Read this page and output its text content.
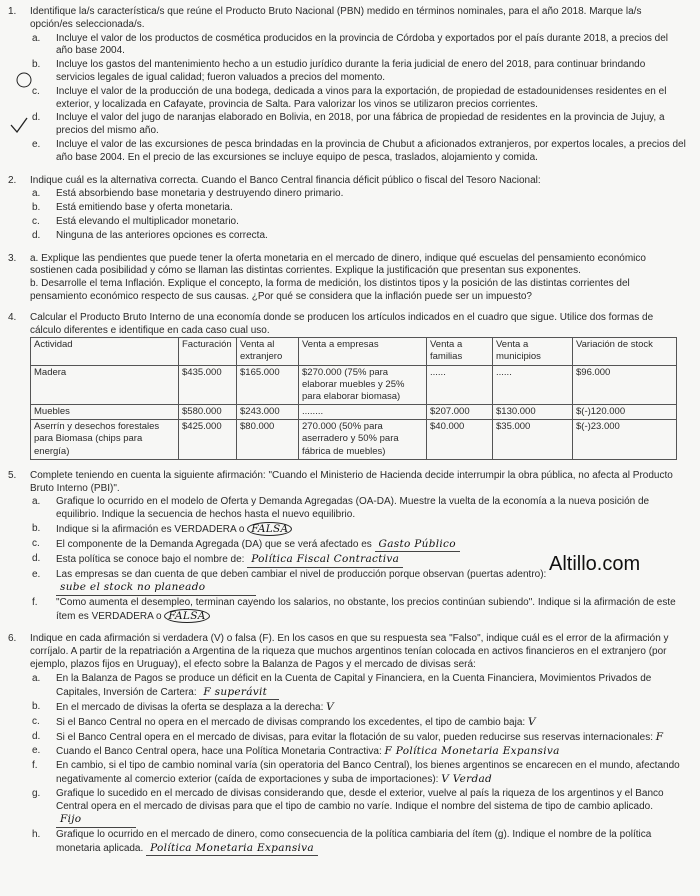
1.	Identifique la/s característica/s que reúne el Producto Bruto Nacional (PBN) medido en términos nominales, para el año 2018. Marque la/s opción/es seleccionada/s.
a.	Incluye el valor de los productos de cosmética producidos en la provincia de Córdoba y exportados por el país durante 2018, a precios del año base 2004.
b.	Incluye los gastos del mantenimiento hecho a un estudio jurídico durante la feria judicial de enero del 2018, para continuar brindando servicios legales de igual calidad; fueron valuados a precios del momento.
c.	Incluye el valor de la producción de una bodega, dedicada a vinos para la exportación, de propiedad de estadounidenses residentes en el exterior, y localizada en Cafayate, provincia de Salta. Para valorizar los vinos se utilizaron precios corrientes.
d.	Incluye el valor del jugo de naranjas elaborado en Bolivia, en 2018, por una fábrica de propiedad de residentes en la provincia de Jujuy, a precios del mismo año.
e.	Incluye el valor de las excursiones de pesca brindadas en la provincia de Chubut a aficionados extranjeros, por expertos locales, a precios del año base 2004. En el precio de las excursiones se incluye equipo de pesca, traslados, alojamiento y comida.
2.	Indique cuál es la alternativa correcta. Cuando el Banco Central financia déficit público o fiscal del Tesoro Nacional:
a.	Está absorbiendo base monetaria y destruyendo dinero primario.
b.	Está emitiendo base y oferta monetaria.
c.	Está elevando el multiplicador monetario.
d.	Ninguna de las anteriores opciones es correcta.
3.	a. Explique las pendientes que puede tener la oferta monetaria en el mercado de dinero, indique qué escuelas del pensamiento económico sostienen cada posibilidad y cómo se llaman las distintas corrientes. Explique la justificación que presentan sus exponentes.
b. Desarrolle el tema Inflación. Explique el concepto, la forma de medición, los distintos tipos y la posición de las distintas corrientes del pensamiento económico respecto de sus causas. ¿Por qué se considera que la inflación puede ser un impuesto?
4.	Calcular el Producto Bruto Interno de una economía donde se producen los artículos indicados en el cuadro que sigue. Utilice dos formas de cálculo diferentes e identifique en cada caso cual uso.
Actividad	Facturación	Venta al extranjero	Venta a empresas	Venta a familias	Venta a municipios	Variación de stock
Madera	$435.000	$165.000	$270.000 (75% para elaborar muebles y 25% para elaborar biomasa)	......	......	$96.000
Muebles	$580.000	$243.000	........	$207.000	$130.000	$(-)120.000
Aserrín y desechos forestales para Biomasa (chips para energía)	$425.000	$80.000	270.000 (50% para aserradero y 50% para fábrica de muebles)	$40.000	$35.000	$(-)23.000
5.	Complete teniendo en cuenta la siguiente afirmación: "Cuando el Ministerio de Hacienda decide interrumpir la obra pública, no afecta al Producto Bruto Interno (PBI)".
a.	Grafique lo ocurrido en el modelo de Oferta y Demanda Agregadas (OA-DA). Muestre la vuelta de la economía a la nueva posición de equilibrio. Indique la secuencia de hechos hasta el nuevo equilibrio.
b.	Indique si la afirmación es VERDADERA o FALSA
c.	El componente de la Demanda Agregada (DA) que se verá afectado es Gasto Público
d.	Esta política se conoce bajo el nombre de: Política Fiscal Contractiva
e.	Las empresas se dan cuenta de que deben cambiar el nivel de producción porque observan (puertas adentro):
sube el stock no planeado
f.	"Como aumenta el desempleo, terminan cayendo los salarios, no obstante, los precios continúan subiendo". Indique si la afirmación de este ítem es VERDADERA o FALSA
6.	Indique en cada afirmación si verdadera (V) o falsa (F). En los casos en que su respuesta sea "Falso", indique cuál es el error de la afirmación y corríjalo. A partir de la repatriación a Argentina de la riqueza que muchos argentinos tenían colocada en activos financieros en el extranjero (por ejemplo, plazos fijos en Uruguay), el efecto sobre la Balanza de Pagos y el mercado de divisas será:
a.	En la Balanza de Pagos se produce un déficit en la Cuenta de Capital y Financiera, en la Cuenta Financiera, Movimientos Privados de Capitales, Inversión de Cartera: F superávit
b.	En el mercado de divisas la oferta se desplaza a la derecha: V
c.	Si el Banco Central no opera en el mercado de divisas comprando los excedentes, el tipo de cambio baja: V
d.	Si el Banco Central opera en el mercado de divisas, para evitar la flotación de su valor, pueden reducirse sus reservas internacionales: F
e.	Cuando el Banco Central opera, hace una Política Monetaria Contractiva: F Política Monetaria Expansiva
f.	En cambio, si el tipo de cambio nominal varía (sin operatoria del Banco Central), los bienes argentinos se encarecen en el mundo, afectando negativamente al comercio exterior (caída de exportaciones y suba de importaciones): V Verdad
g.	Grafique lo sucedido en el mercado de divisas considerando que, desde el exterior, vuelve al país la riqueza de los argentinos y el Banco Central opera en el mercado de divisas para que el tipo de cambio no varíe. Indique el nombre del sistema de tipo de cambio aplicado.
Fijo
h.	Grafique lo ocurrido en el mercado de dinero, como consecuencia de la política cambiaria del ítem (g). Indique el nombre de la política monetaria aplicada. Política Monetaria Expansiva
Altillo.com
